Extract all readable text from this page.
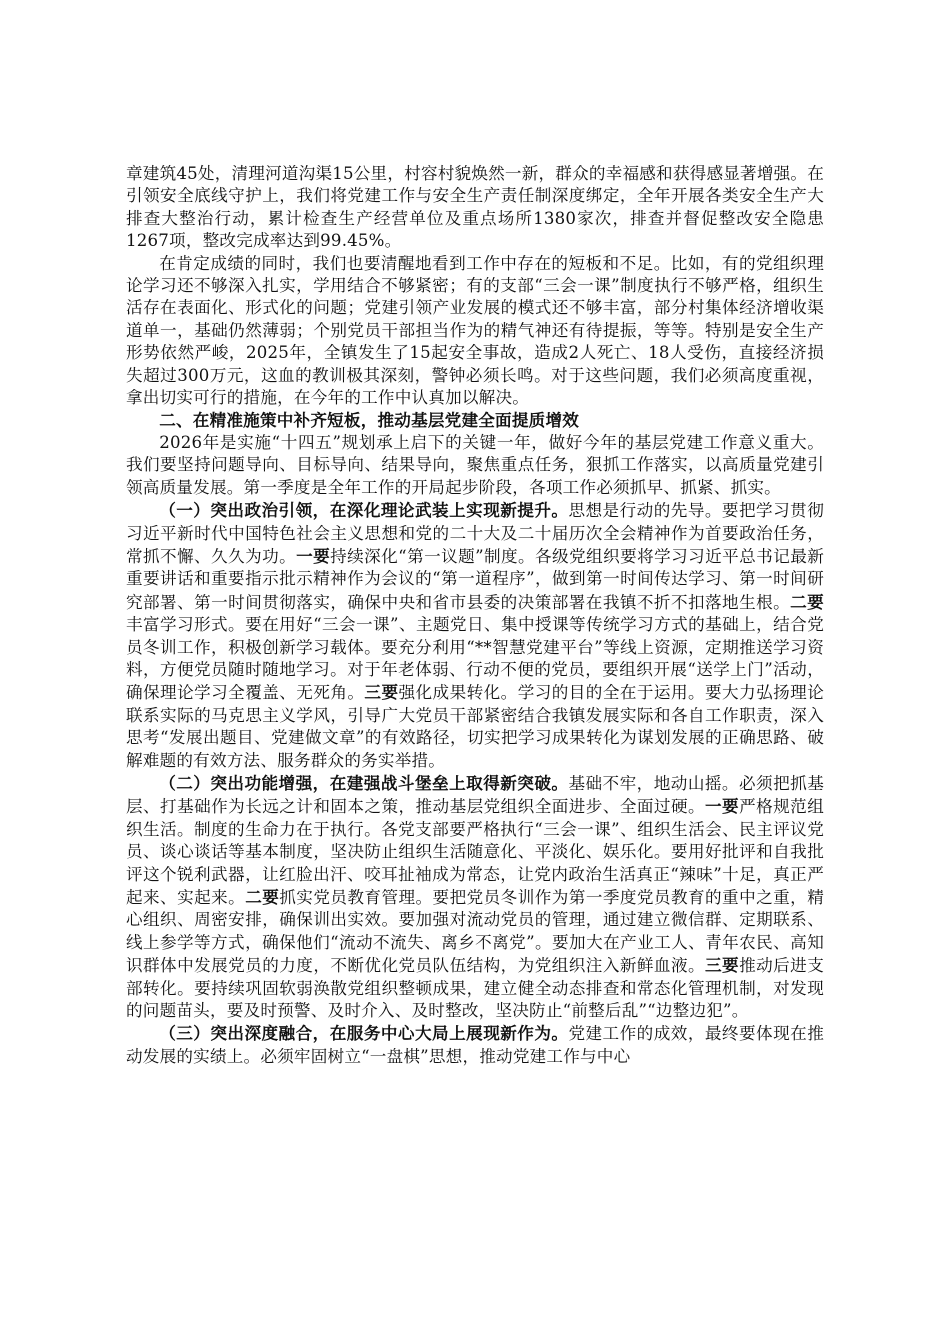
章建筑45处，清理河道沟渠15公里，村容村貌焕然一新，群众的幸福感和获得感显著增强。在引领安全底线守护上，我们将党建工作与安全生产责任制深度绑定，全年开展各类安全生产大排查大整治行动，累计检查生产经营单位及重点场所1380家次，排查并督促整改安全隐患1267项，整改完成率达到99.45%。

在肯定成绩的同时，我们也要清醒地看到工作中存在的短板和不足。比如，有的党组织理论学习还不够深入扎实，学用结合不够紧密；有的支部“三会一课”制度执行不够严格，组织生活存在表面化、形式化的问题；党建引领产业发展的模式还不够丰富，部分村集体经济增收渠道单一，基础仍然薄弱；个别党员干部担当作为的精气神还有待提振，等等。特别是安全生产形势依然严峻，2025年，全镇发生了15起安全事故，造成2人死亡、18人受伤，直接经济损失超过300万元，这血的教训极其深刻，警钟必须长鸣。对于这些问题，我们必须高度重视，拿出切实可行的措施，在今年的工作中认真加以解决。

二、在精准施策中补齐短板，推动基层党建全面提质增效

2026年是实施“十四五”规划承上启下的关键一年，做好今年的基层党建工作意义重大。我们要坚持问题导向、目标导向、结果导向，聚焦重点任务，狠抓工作落实，以高质量党建引领高质量发展。第一季度是全年工作的开局起步阶段，各项工作必须抓早、抓紧、抓实。

（一）突出政治引领，在深化理论武装上实现新提升。思想是行动的先导。要把学习贯彻习近平新时代中国特色社会主义思想和党的二十大及二十届历次全会精神作为首要政治任务，常抓不懈、久久为功。一要持续深化“第一议题”制度。各级党组织要将学习习近平总书记最新重要讲话和重要指示批示精神作为会议的“第一道程序”，做到第一时间传达学习、第一时间研究部署、第一时间贯彻落实，确保中央和省市县委的决策部署在我镇不折不扣落地生根。二要丰富学习形式。要在用好“三会一课”、主题党日、集中授课等传统学习方式的基础上，结合党员冬训工作，积极创新学习载体。要充分利用“**智慧党建平台”等线上资源，定期推送学习资料，方便党员随时随地学习。对于年老体弱、行动不便的党员，要组织开展“送学上门”活动，确保理论学习全覆盖、无死角。三要强化成果转化。学习的目的全在于运用。要大力弘扬理论联系实际的马克思主义学风，引导广大党员干部紧密结合我镇发展实际和各自工作职责，深入思考“发展出题目、党建做文章”的有效路径，切实把学习成果转化为谋划发展的正确思路、破解难题的有效方法、服务群众的务实举措。

（二）突出功能增强，在建强战斗堡垒上取得新突破。基础不牢，地动山摇。必须把抓基层、打基础作为长远之计和固本之策，推动基层党组织全面进步、全面过硬。一要严格规范组织生活。制度的生命力在于执行。各党支部要严格执行“三会一课”、组织生活会、民主评议党员、谈心谈话等基本制度，坚决防止组织生活随意化、平淡化、娱乐化。要用好批评和自我批评这个锐利武器，让红脸出汗、咬耳扯袖成为常态，让党内政治生活真正“辣味”十足，真正严起来、实起来。二要抓实党员教育管理。要把党员冬训作为第一季度党员教育的重中之重，精心组织、周密安排，确保训出实效。要加强对流动党员的管理，通过建立微信群、定期联系、线上参学等方式，确保他们“流动不流失、离乡不离党”。要加大在产业工人、青年农民、高知识群体中发展党员的力度，不断优化党员队伍结构，为党组织注入新鲜血液。三要推动后进支部转化。要持续巩固软弱涣散党组织整顿成果，建立健全动态排查和常态化管理机制，对发现的问题苗头，要及时预警、及时介入、及时整改，坚决防止“前整后乱”“边整边犯”。

（三）突出深度融合，在服务中心大局上展现新作为。党建工作的成效，最终要体现在推动发展的实绩上。必须牢固树立“一盘棋”思想，推动党建工作与中心
